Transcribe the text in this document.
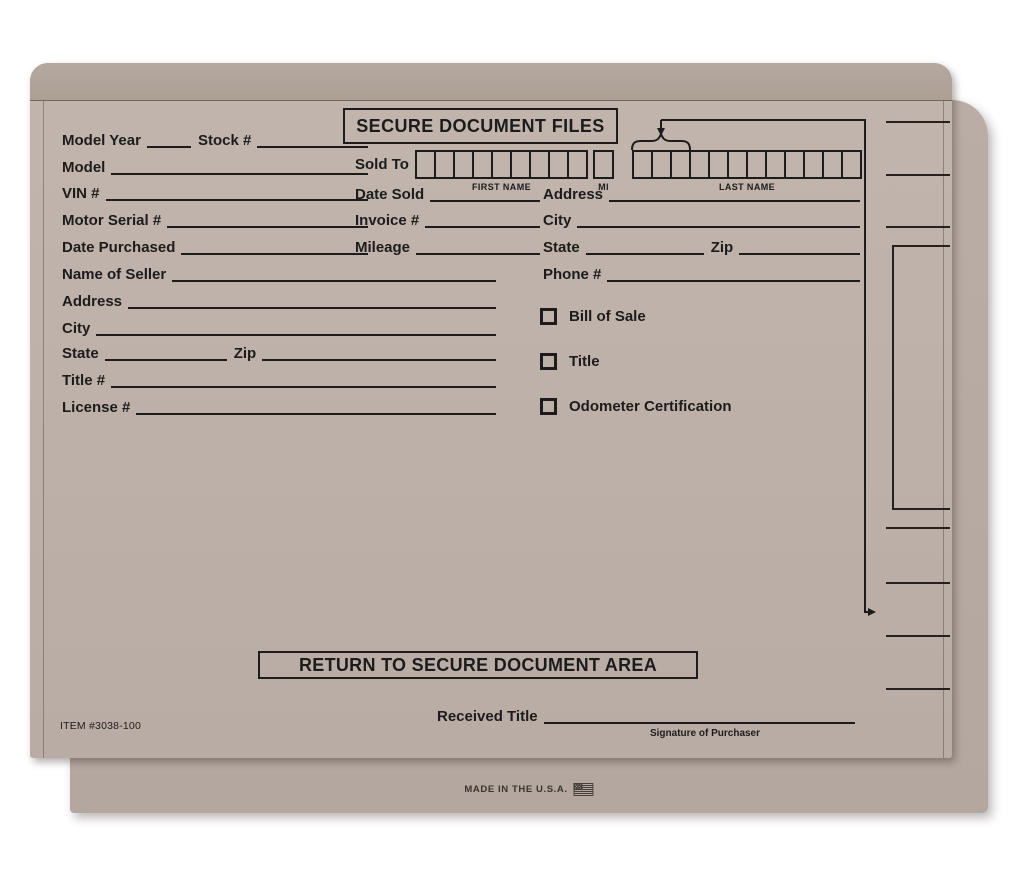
MADE IN THE U.S.A.
SECURE DOCUMENT FILES
Model Year	Stock #
Model
VIN #
Motor Serial #
Date Purchased
Name of Seller
Address
City
State	Zip
Title #
License #
Sold To
FIRST NAME	MI	LAST NAME
Date Sold
Invoice #
Mileage
Address
City
State	Zip
Phone #
Bill of Sale
Title
Odometer Certification
RETURN TO SECURE DOCUMENT AREA
Received Title
Signature of Purchaser
ITEM #3038-100
